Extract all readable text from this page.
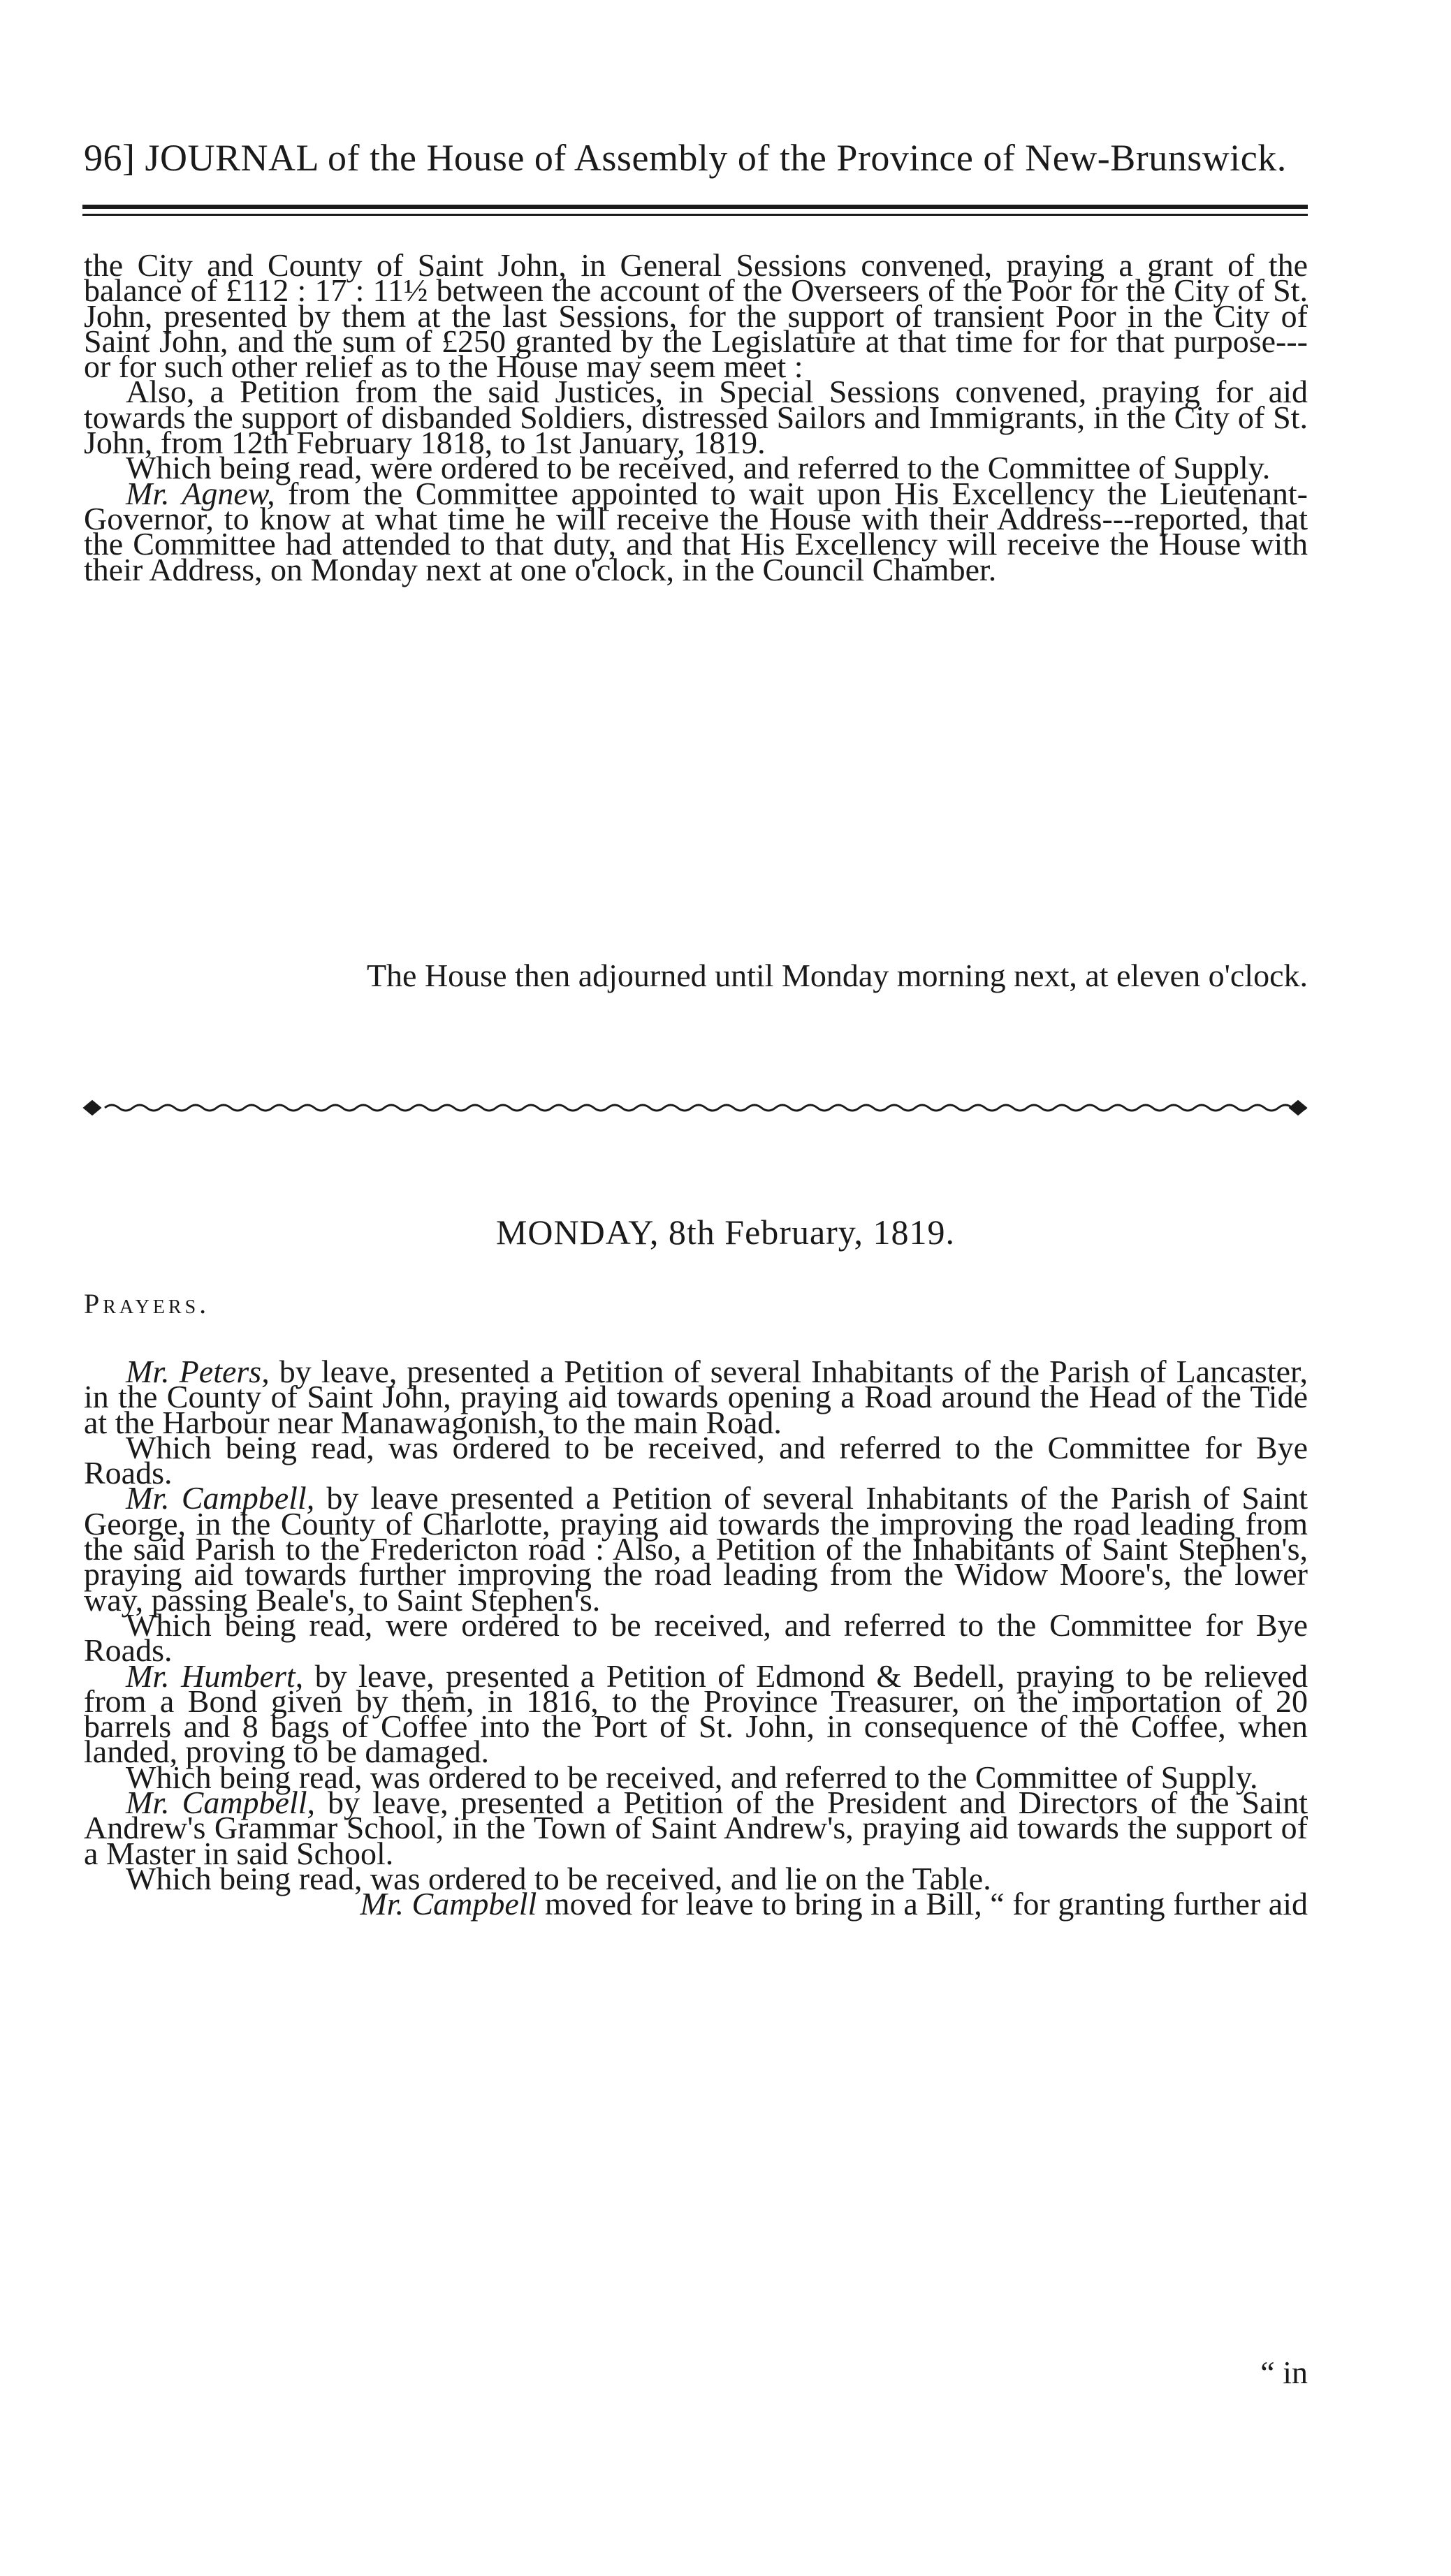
96] JOURNAL of the House of Assembly of the Province of New-Brunswick.

the City and County of Saint John, in General Sessions convened, praying a grant of the balance of £112 : 17 : 11½ between the account of the Overseers of the Poor for the City of St. John, presented by them at the last Sessions, for the support of transient Poor in the City of Saint John, and the sum of £250 granted by the Legislature at that time for for that purpose---or for such other relief as to the House may seem meet :

Also, a Petition from the said Justices, in Special Sessions convened, praying for aid towards the support of disbanded Soldiers, distressed Sailors and Immigrants, in the City of St. John, from 12th February 1818, to 1st January, 1819.

Which being read, were ordered to be received, and referred to the Committee of Supply.

Mr. Agnew, from the Committee appointed to wait upon His Excellency the Lieutenant-Governor, to know at what time he will receive the House with their Address---reported, that the Committee had attended to that duty, and that His Excellency will receive the House with their Address, on Monday next at one o'clock, in the Council Chamber.

The House then adjourned until Monday morning next, at eleven o'clock.
MONDAY, 8th February, 1819.
Prayers.

Mr. Peters, by leave, presented a Petition of several Inhabitants of the Parish of Lancaster, in the County of Saint John, praying aid towards opening a Road around the Head of the Tide at the Harbour near Manawagonish, to the main Road.

Which being read, was ordered to be received, and referred to the Committee for Bye Roads.

Mr. Campbell, by leave presented a Petition of several Inhabitants of the Parish of Saint George, in the County of Charlotte, praying aid towards the improving the road leading from the said Parish to the Fredericton road : Also, a Petition of the Inhabitants of Saint Stephen's, praying aid towards further improving the road leading from the Widow Moore's, the lower way, passing Beale's, to Saint Stephen's.

Which being read, were ordered to be received, and referred to the Committee for Bye Roads.

Mr. Humbert, by leave, presented a Petition of Edmond & Bedell, praying to be relieved from a Bond given by them, in 1816, to the Province Treasurer, on the importation of 20 barrels and 8 bags of Coffee into the Port of St. John, in consequence of the Coffee, when landed, proving to be damaged.

Which being read, was ordered to be received, and referred to the Committee of Supply.

Mr. Campbell, by leave, presented a Petition of the President and Directors of the Saint Andrew's Grammar School, in the Town of Saint Andrew's, praying aid towards the support of a Master in said School.

Which being read, was ordered to be received, and lie on the Table.

Mr. Campbell moved for leave to bring in a Bill, “ for granting further aid

“ in
